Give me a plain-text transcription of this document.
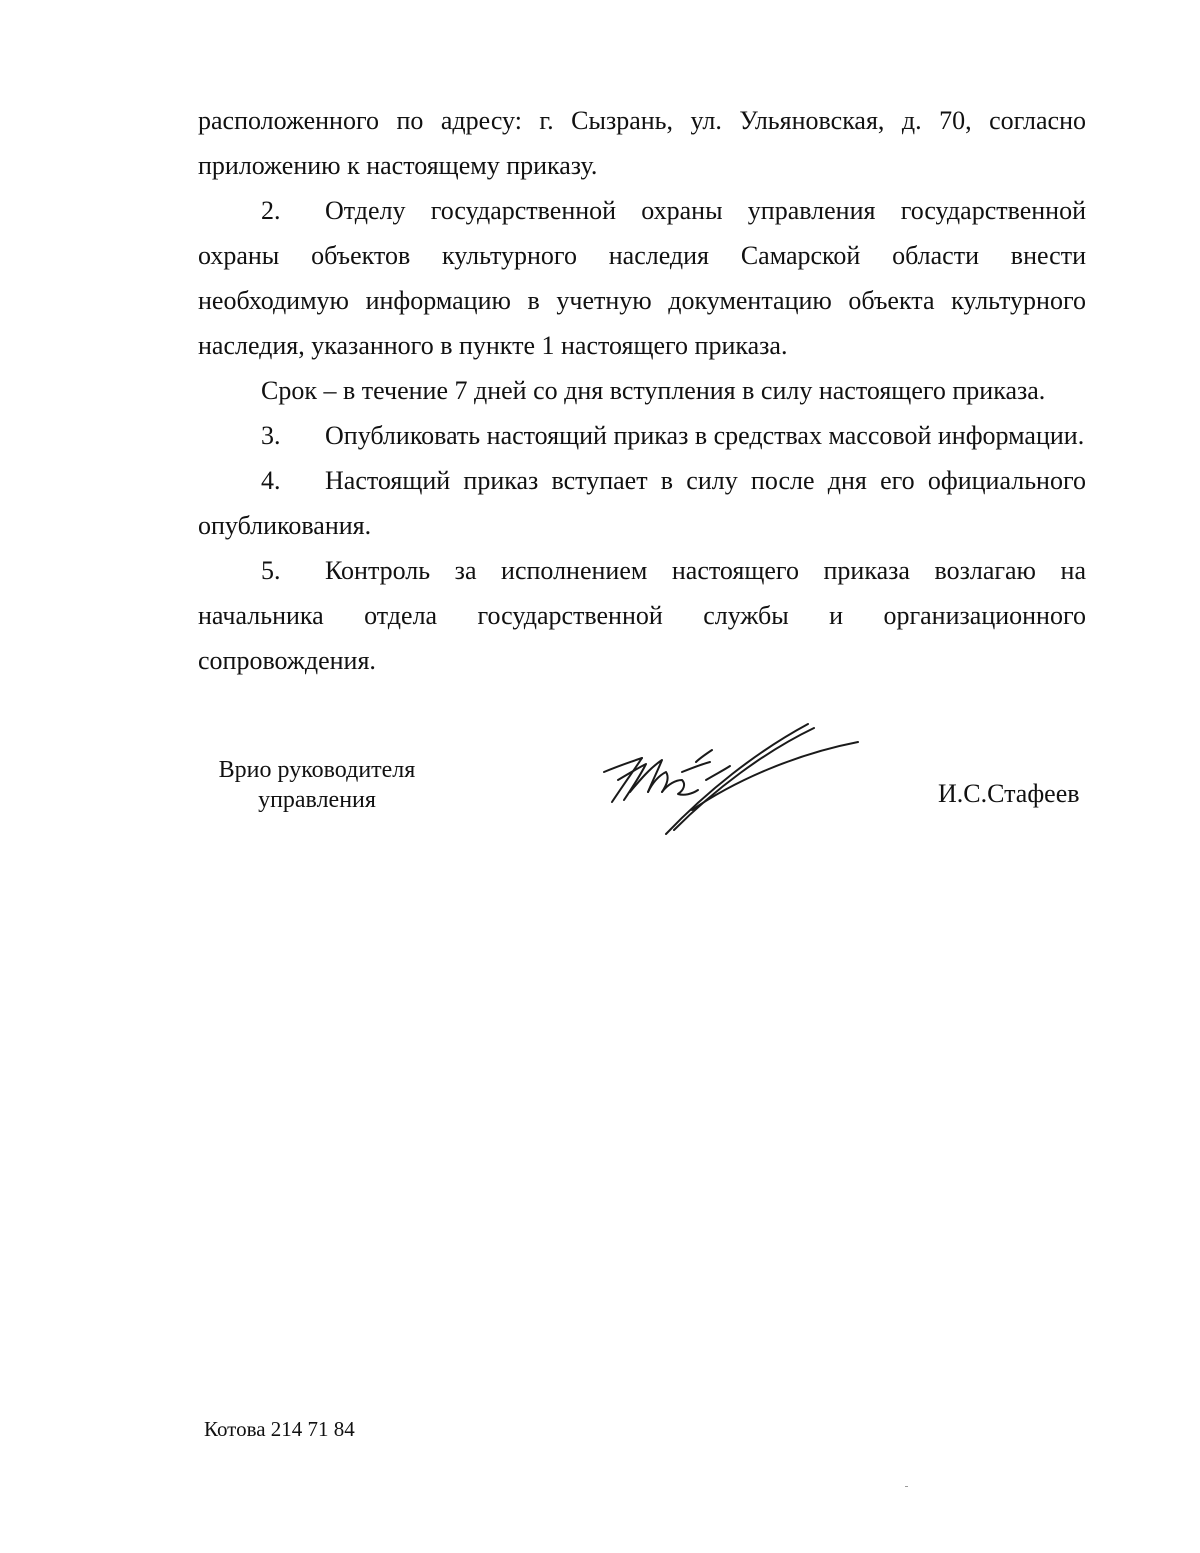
расположенного по адресу: г. Сызрань, ул. Ульяновская, д. 70, согласно приложению к настоящему приказу.

2. Отделу государственной охраны управления государственной охраны объектов культурного наследия Самарской области внести необходимую информацию в учетную документацию объекта культурного наследия, указанного в пункте 1 настоящего приказа.

Срок – в течение 7 дней со дня вступления в силу настоящего приказа.

3. Опубликовать настоящий приказ в средствах массовой информации.

4. Настоящий приказ вступает в силу после дня его официального опубликования.

5. Контроль за исполнением настоящего приказа возлагаю на начальника отдела государственной службы и организационного сопровождения.

Врио руководителя
управления	И.С.Стафеев
Котова 214 71 84
